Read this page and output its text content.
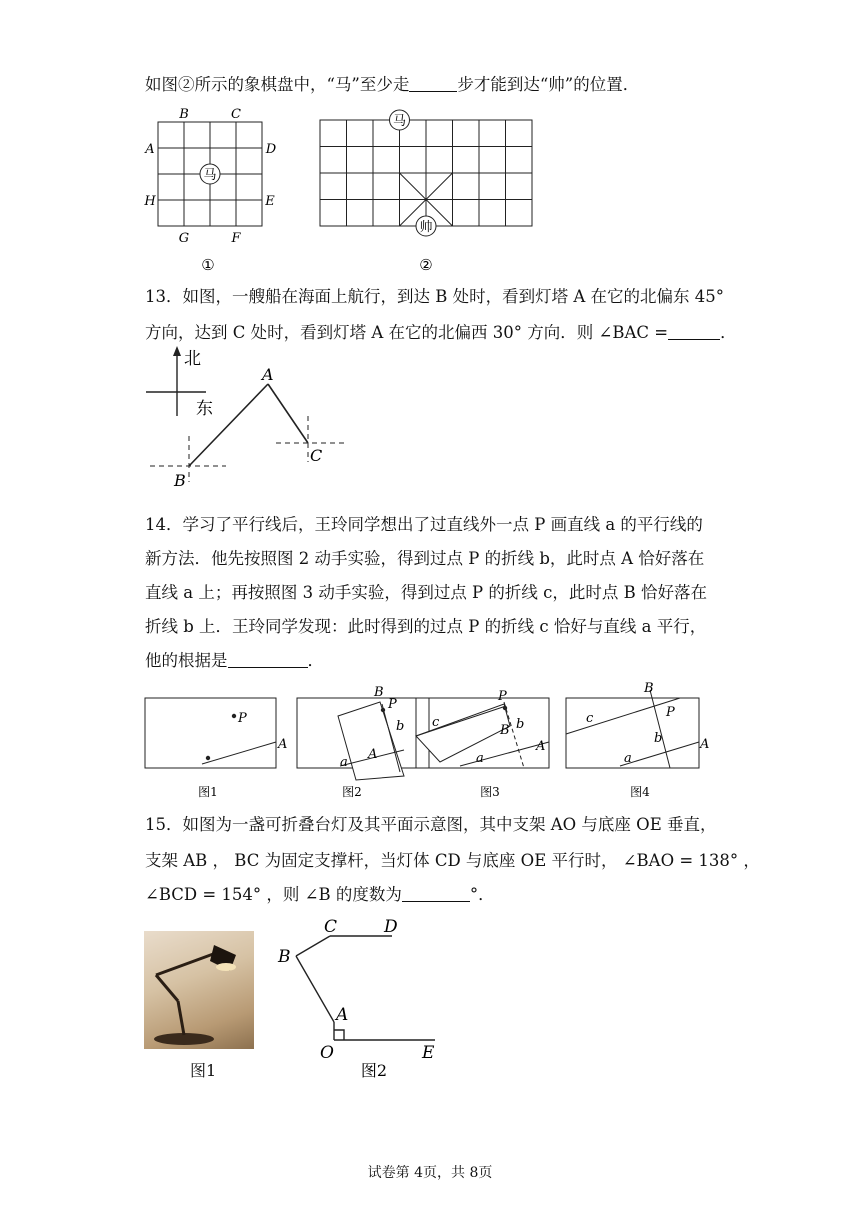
如图②所示的象棋盘中，“马”至少走	步才能到达“帅”的位置．
马
B	C
A	D
H	E
G	F
①
马
帅
②
13．如图，一艘船在海面上航行，到达 B 处时，看到灯塔 A 在它的北偏东 45°
方向，达到 C 处时，看到灯塔 A 在它的北偏西 30° 方向．则 ∠BAC =	．
北
东
A
B
C
14．学习了平行线后，王玲同学想出了过直线外一点 P 画直线 a 的平行线的
新方法．他先按照图 2 动手实验，得到过点 P 的折线 b，此时点 A 恰好落在
直线 a 上；再按照图 3 动手实验，得到过点 P 的折线 c，此时点 B 恰好落在
折线 b 上．王玲同学发现：此时得到的过点 P 的折线 c 恰好与直线 a 平行，
他的根据是	．
P
A
B
P
b
A
a
P
c
B b
A
a
B
P
c
b	A
a
图1	图2	图3	图4
15．如图为一盏可折叠台灯及其平面示意图，其中支架 AO 与底座 OE 垂直，
支架 AB ， BC 为固定支撑杆，当灯体 CD 与底座 OE 平行时， ∠BAO = 138° ，
∠BCD = 154° ，则 ∠B 的度数为	°．
图1
C	D
B
A
O	E
图2
试卷第 4页，共 8页
